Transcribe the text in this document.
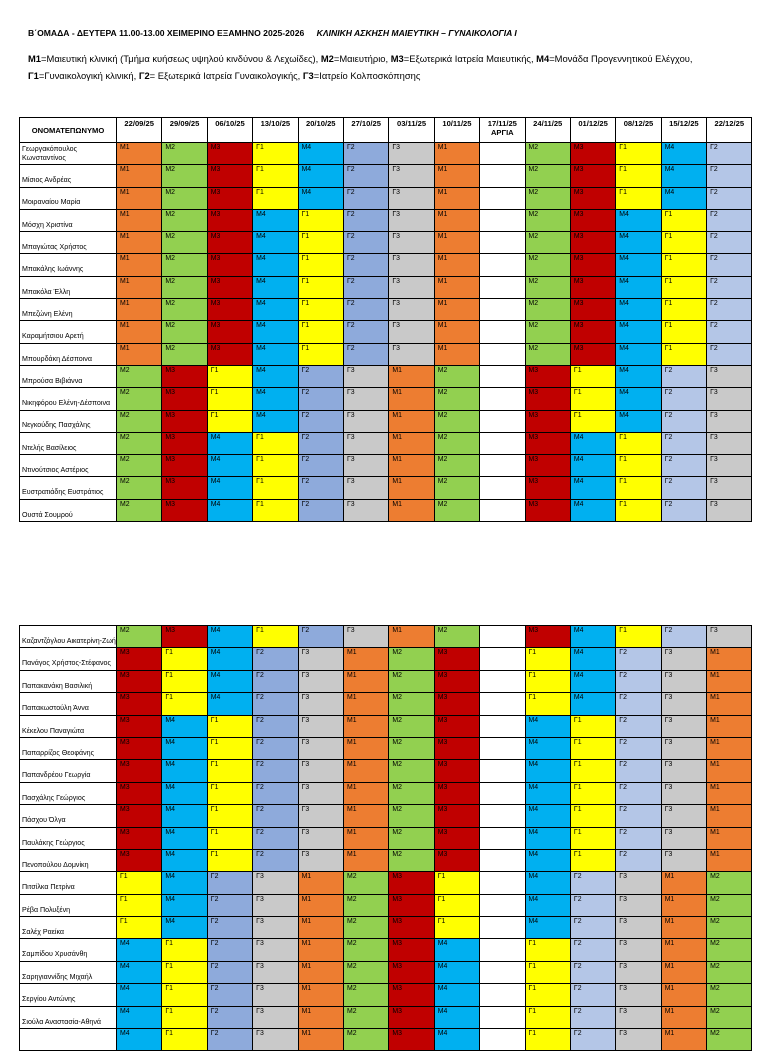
Β΄ΟΜΑΔΑ - ΔΕΥΤΕΡΑ 11.00-13.00 ΧΕΙΜΕΡΙΝΟ ΕΞΑΜΗΝΟ 2025-2026 ΚΛΙΝΙΚΗ ΑΣΚΗΣΗ ΜΑΙΕΥΤΙΚΗ – ΓΥΝΑΙΚΟΛΟΓΙΑ Ι
Μ1=Μαιευτική κλινική (Τμήμα κυήσεως υψηλού κινδύνου & Λεχωίδες), Μ2=Μαιευτήριο, Μ3=Εξωτερικά Ιατρεία Μαιευτικής, Μ4=Μονάδα Προγεννητικού Ελέγχου, Γ1=Γυναικολογική κλινική, Γ2= Εξωτερικά Ιατρεία Γυναικολογικής, Γ3=Ιατρείο Κολποσκόπησης
ΟΝΟΜΑΤΕΠΩΝΥΜΟ	22/09/25	29/09/25	06/10/25	13/10/25	20/10/25	27/10/25	03/11/25	10/11/25	17/11/25 ΑΡΓΙΑ	24/11/25	01/12/25	08/12/25	15/12/25	22/12/25
Γεωργακόπουλος Κωνσταντίνος	Μ1	Μ2	Μ3	Γ1	Μ4	Γ2	Γ3	Μ1		Μ2	Μ3	Γ1	Μ4	Γ2
Μίσιος Ανδρέας	Μ1	Μ2	Μ3	Γ1	Μ4	Γ2	Γ3	Μ1		Μ2	Μ3	Γ1	Μ4	Γ2
Μοιραναίου Μαρία	Μ1	Μ2	Μ3	Γ1	Μ4	Γ2	Γ3	Μ1		Μ2	Μ3	Γ1	Μ4	Γ2
Μόσχη Χριστίνα	Μ1	Μ2	Μ3	Μ4	Γ1	Γ2	Γ3	Μ1		Μ2	Μ3	Μ4	Γ1	Γ2
Μπαγιώτας Χρήστος	Μ1	Μ2	Μ3	Μ4	Γ1	Γ2	Γ3	Μ1		Μ2	Μ3	Μ4	Γ1	Γ2
Μπακάλης Ιωάννης	Μ1	Μ2	Μ3	Μ4	Γ1	Γ2	Γ3	Μ1		Μ2	Μ3	Μ4	Γ1	Γ2
Μπακόλα Έλλη	Μ1	Μ2	Μ3	Μ4	Γ1	Γ2	Γ3	Μ1		Μ2	Μ3	Μ4	Γ1	Γ2
Μπεζώνη Ελένη	Μ1	Μ2	Μ3	Μ4	Γ1	Γ2	Γ3	Μ1		Μ2	Μ3	Μ4	Γ1	Γ2
Καραμήτσιου Αρετή	Μ1	Μ2	Μ3	Μ4	Γ1	Γ2	Γ3	Μ1		Μ2	Μ3	Μ4	Γ1	Γ2
Μπουρδάκη Δέσποινα	Μ1	Μ2	Μ3	Μ4	Γ1	Γ2	Γ3	Μ1		Μ2	Μ3	Μ4	Γ1	Γ2
Μπρούσα Βιβιάννα	Μ2	Μ3	Γ1	Μ4	Γ2	Γ3	Μ1	Μ2		Μ3	Γ1	Μ4	Γ2	Γ3
Νικηφόρου Ελένη-Δέσποινα	Μ2	Μ3	Γ1	Μ4	Γ2	Γ3	Μ1	Μ2		Μ3	Γ1	Μ4	Γ2	Γ3
Νεγκούδης Πασχάλης	Μ2	Μ3	Γ1	Μ4	Γ2	Γ3	Μ1	Μ2		Μ3	Γ1	Μ4	Γ2	Γ3
Ντελής Βασίλειος	Μ2	Μ3	Μ4	Γ1	Γ2	Γ3	Μ1	Μ2		Μ3	Μ4	Γ1	Γ2	Γ3
Ντινούτσιος Αστέριος	Μ2	Μ3	Μ4	Γ1	Γ2	Γ3	Μ1	Μ2		Μ3	Μ4	Γ1	Γ2	Γ3
Ευστρατιάδης Ευστράτιος	Μ2	Μ3	Μ4	Γ1	Γ2	Γ3	Μ1	Μ2		Μ3	Μ4	Γ1	Γ2	Γ3
Ουστά Σουμρού	Μ2	Μ3	Μ4	Γ1	Γ2	Γ3	Μ1	Μ2		Μ3	Μ4	Γ1	Γ2	Γ3
Καζαντζόγλου Αικατερίνη-Ζωή	Μ2	Μ3	Μ4	Γ1	Γ2	Γ3	Μ1	Μ2		Μ3	Μ4	Γ1	Γ2	Γ3
Πανάγος Χρήστος-Στέφανος	Μ3	Γ1	Μ4	Γ2	Γ3	Μ1	Μ2	Μ3		Γ1	Μ4	Γ2	Γ3	Μ1
Παπακανάκη Βασιλική	Μ3	Γ1	Μ4	Γ2	Γ3	Μ1	Μ2	Μ3		Γ1	Μ4	Γ2	Γ3	Μ1
Παπακωστούλη Άννα	Μ3	Γ1	Μ4	Γ2	Γ3	Μ1	Μ2	Μ3		Γ1	Μ4	Γ2	Γ3	Μ1
Κέκελου Παναγιώτα	Μ3	Μ4	Γ1	Γ2	Γ3	Μ1	Μ2	Μ3		Μ4	Γ1	Γ2	Γ3	Μ1
Παπαρρίζος Θεοφάνης	Μ3	Μ4	Γ1	Γ2	Γ3	Μ1	Μ2	Μ3		Μ4	Γ1	Γ2	Γ3	Μ1
Παπανδρέου Γεωργία	Μ3	Μ4	Γ1	Γ2	Γ3	Μ1	Μ2	Μ3		Μ4	Γ1	Γ2	Γ3	Μ1
Πασχάλης Γεώργιος	Μ3	Μ4	Γ1	Γ2	Γ3	Μ1	Μ2	Μ3		Μ4	Γ1	Γ2	Γ3	Μ1
Πάσχου Όλγα	Μ3	Μ4	Γ1	Γ2	Γ3	Μ1	Μ2	Μ3		Μ4	Γ1	Γ2	Γ3	Μ1
Παυλάκης Γεώργιος	Μ3	Μ4	Γ1	Γ2	Γ3	Μ1	Μ2	Μ3		Μ4	Γ1	Γ2	Γ3	Μ1
Πενοπούλου Δομνίκη	Μ3	Μ4	Γ1	Γ2	Γ3	Μ1	Μ2	Μ3		Μ4	Γ1	Γ2	Γ3	Μ1
Πιτσίλκα Πετρίνα	Γ1	Μ4	Γ2	Γ3	Μ1	Μ2	Μ3	Γ1		Μ4	Γ2	Γ3	Μ1	Μ2
Ρέβα Πολυξένη	Γ1	Μ4	Γ2	Γ3	Μ1	Μ2	Μ3	Γ1		Μ4	Γ2	Γ3	Μ1	Μ2
Σαλέχ Ραείκα	Γ1	Μ4	Γ2	Γ3	Μ1	Μ2	Μ3	Γ1		Μ4	Γ2	Γ3	Μ1	Μ2
Σαμπίδου Χρυσάνθη	Μ4	Γ1	Γ2	Γ3	Μ1	Μ2	Μ3	Μ4		Γ1	Γ2	Γ3	Μ1	Μ2
Σαρηγιαννίδης Μιχαήλ	Μ4	Γ1	Γ2	Γ3	Μ1	Μ2	Μ3	Μ4		Γ1	Γ2	Γ3	Μ1	Μ2
Σεργίου Αντώνης	Μ4	Γ1	Γ2	Γ3	Μ1	Μ2	Μ3	Μ4		Γ1	Γ2	Γ3	Μ1	Μ2
Σιούλα Αναστασία-Αθηνά	Μ4	Γ1	Γ2	Γ3	Μ1	Μ2	Μ3	Μ4		Γ1	Γ2	Γ3	Μ1	Μ2
	Μ4	Γ1	Γ2	Γ3	Μ1	Μ2	Μ3	Μ4		Γ1	Γ2	Γ3	Μ1	Μ2
